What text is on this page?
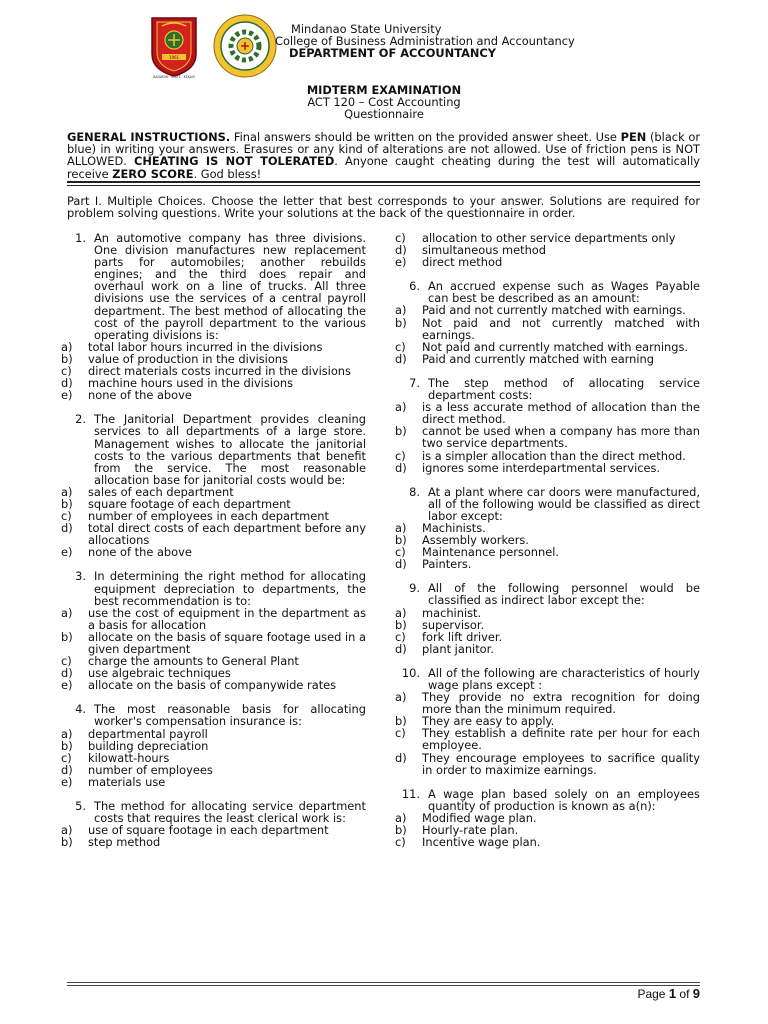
1961
BADAMIR · STATE · KEKAIS
Mindanao State University
College of Business Administration and Accountancy
DEPARTMENT OF ACCOUNTANCY
MIDTERM EXAMINATION
ACT 120 – Cost Accounting
Questionnaire
GENERAL INSTRUCTIONS. Final answers should be written on the provided answer sheet. Use PEN (black or blue) in writing your answers. Erasures or any kind of alterations are not allowed. Use of friction pens is NOT ALLOWED. CHEATING IS NOT TOLERATED. Anyone caught cheating during the test will automatically receive ZERO SCORE. God bless!
Part I. Multiple Choices. Choose the letter that best corresponds to your answer. Solutions are required for problem solving questions. Write your solutions at the back of the questionnaire in order.
1. An automotive company has three divisions. One division manufactures new replacement parts for automobiles; another rebuilds engines; and the third does repair and overhaul work on a line of trucks. All three divisions use the services of a central payroll department. The best method of allocating the cost of the payroll department to the various operating divisions is:
a)	total labor hours incurred in the divisions
b)	value of production in the divisions
c)	direct materials costs incurred in the divisions
d)	machine hours used in the divisions
e)	none of the above
2. The Janitorial Department provides cleaning services to all departments of a large store. Management wishes to allocate the janitorial costs to the various departments that benefit from the service. The most reasonable allocation base for janitorial costs would be:
a)	sales of each department
b)	square footage of each department
c)	number of employees in each department
d)	total direct costs of each department before any allocations
e)	none of the above
3. In determining the right method for allocating equipment depreciation to departments, the best recommendation is to:
a)	use the cost of equipment in the department as a basis for allocation
b)	allocate on the basis of square footage used in a given department
c)	charge the amounts to General Plant
d)	use algebraic techniques
e)	allocate on the basis of companywide rates
4. The most reasonable basis for allocating worker's compensation insurance is:
a)	departmental payroll
b)	building depreciation
c)	kilowatt-hours
d)	number of employees
e)	materials use
5. The method for allocating service department costs that requires the least clerical work is:
a)	use of square footage in each department
b)	step method
c)	allocation to other service departments only
d)	simultaneous method
e)	direct method
6. An accrued expense such as Wages Payable can best be described as an amount:
a)	Paid and not currently matched with earnings.
b)	Not paid and not currently matched with earnings.
c)	Not paid and currently matched with earnings.
d)	Paid and currently matched with earning
7. The step method of allocating service department costs:
a)	is a less accurate method of allocation than the direct method.
b)	cannot be used when a company has more than two service departments.
c)	is a simpler allocation than the direct method.
d)	ignores some interdepartmental services.
8. At a plant where car doors were manufactured, all of the following would be classified as direct labor except:
a)	Machinists.
b)	Assembly workers.
c)	Maintenance personnel.
d)	Painters.
9. All of the following personnel would be classified as indirect labor except the:
a)	machinist.
b)	supervisor.
c)	fork lift driver.
d)	plant janitor.
10. All of the following are characteristics of hourly wage plans except :
a)	They provide no extra recognition for doing more than the minimum required.
b)	They are easy to apply.
c)	They establish a definite rate per hour for each employee.
d)	They encourage employees to sacrifice quality in order to maximize earnings.
11. A wage plan based solely on an employees quantity of production is known as a(n):
a)	Modified wage plan.
b)	Hourly-rate plan.
c)	Incentive wage plan.
Page 1 of 9
